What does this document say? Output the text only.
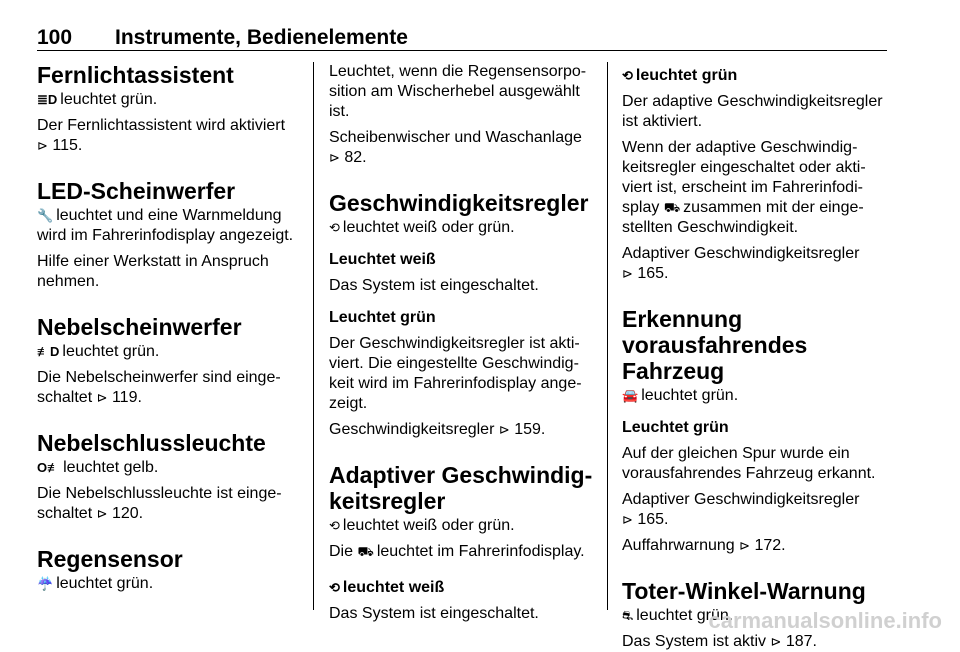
100 Instrumente, Bedienelemente
Fernlichtassistent

≣D leuchtet grün.

Der Fernlichtassistent wird aktiviert
⊳ 115.

LED-Scheinwerfer

🔧 leuchtet und eine Warnmeldung wird im Fahrerinfodisplay angezeigt.

Hilfe einer Werkstatt in Anspruch nehmen.

Nebelscheinwerfer

≢D leuchtet grün.

Die Nebelscheinwerfer sind einge-schaltet ⊳ 119.

Nebelschlussleuchte

O≢ leuchtet gelb.

Die Nebelschlussleuchte ist einge-schaltet ⊳ 120.

Regensensor

☔ leuchtet grün.

Leuchtet, wenn die Regensensorpo-sition am Wischerhebel ausgewählt ist.

Scheibenwischer und Waschanlage
⊳ 82.

Geschwindigkeitsregler

⟲ leuchtet weiß oder grün.

Leuchtet weiß

Das System ist eingeschaltet.

Leuchtet grün

Der Geschwindigkeitsregler ist akti-viert. Die eingestellte Geschwindig-keit wird im Fahrerinfodisplay ange-zeigt.

Geschwindigkeitsregler ⊳ 159.

Adaptiver Geschwindig-
keitsregler

⟲ leuchtet weiß oder grün.

Die ⛟ leuchtet im Fahrerinfodisplay.

⟲ leuchtet weiß

Das System ist eingeschaltet.

⟲ leuchtet grün

Der adaptive Geschwindigkeitsregler ist aktiviert.

Wenn der adaptive Geschwindig-keitsregler eingeschaltet oder akti-viert ist, erscheint im Fahrerinfodi-splay ⛟ zusammen mit der einge-stellten Geschwindigkeit.

Adaptiver Geschwindigkeitsregler
⊳ 165.

Erkennung
vorausfahrendes Fahrzeug

🚘 leuchtet grün.

Leuchtet grün

Auf der gleichen Spur wurde ein vorausfahrendes Fahrzeug erkannt.

Adaptiver Geschwindigkeitsregler
⊳ 165.

Auffahrwarnung ⊳ 172.

Toter-Winkel-Warnung

⛐ leuchtet grün.

Das System ist aktiv ⊳ 187.

carmanualsonline.info
